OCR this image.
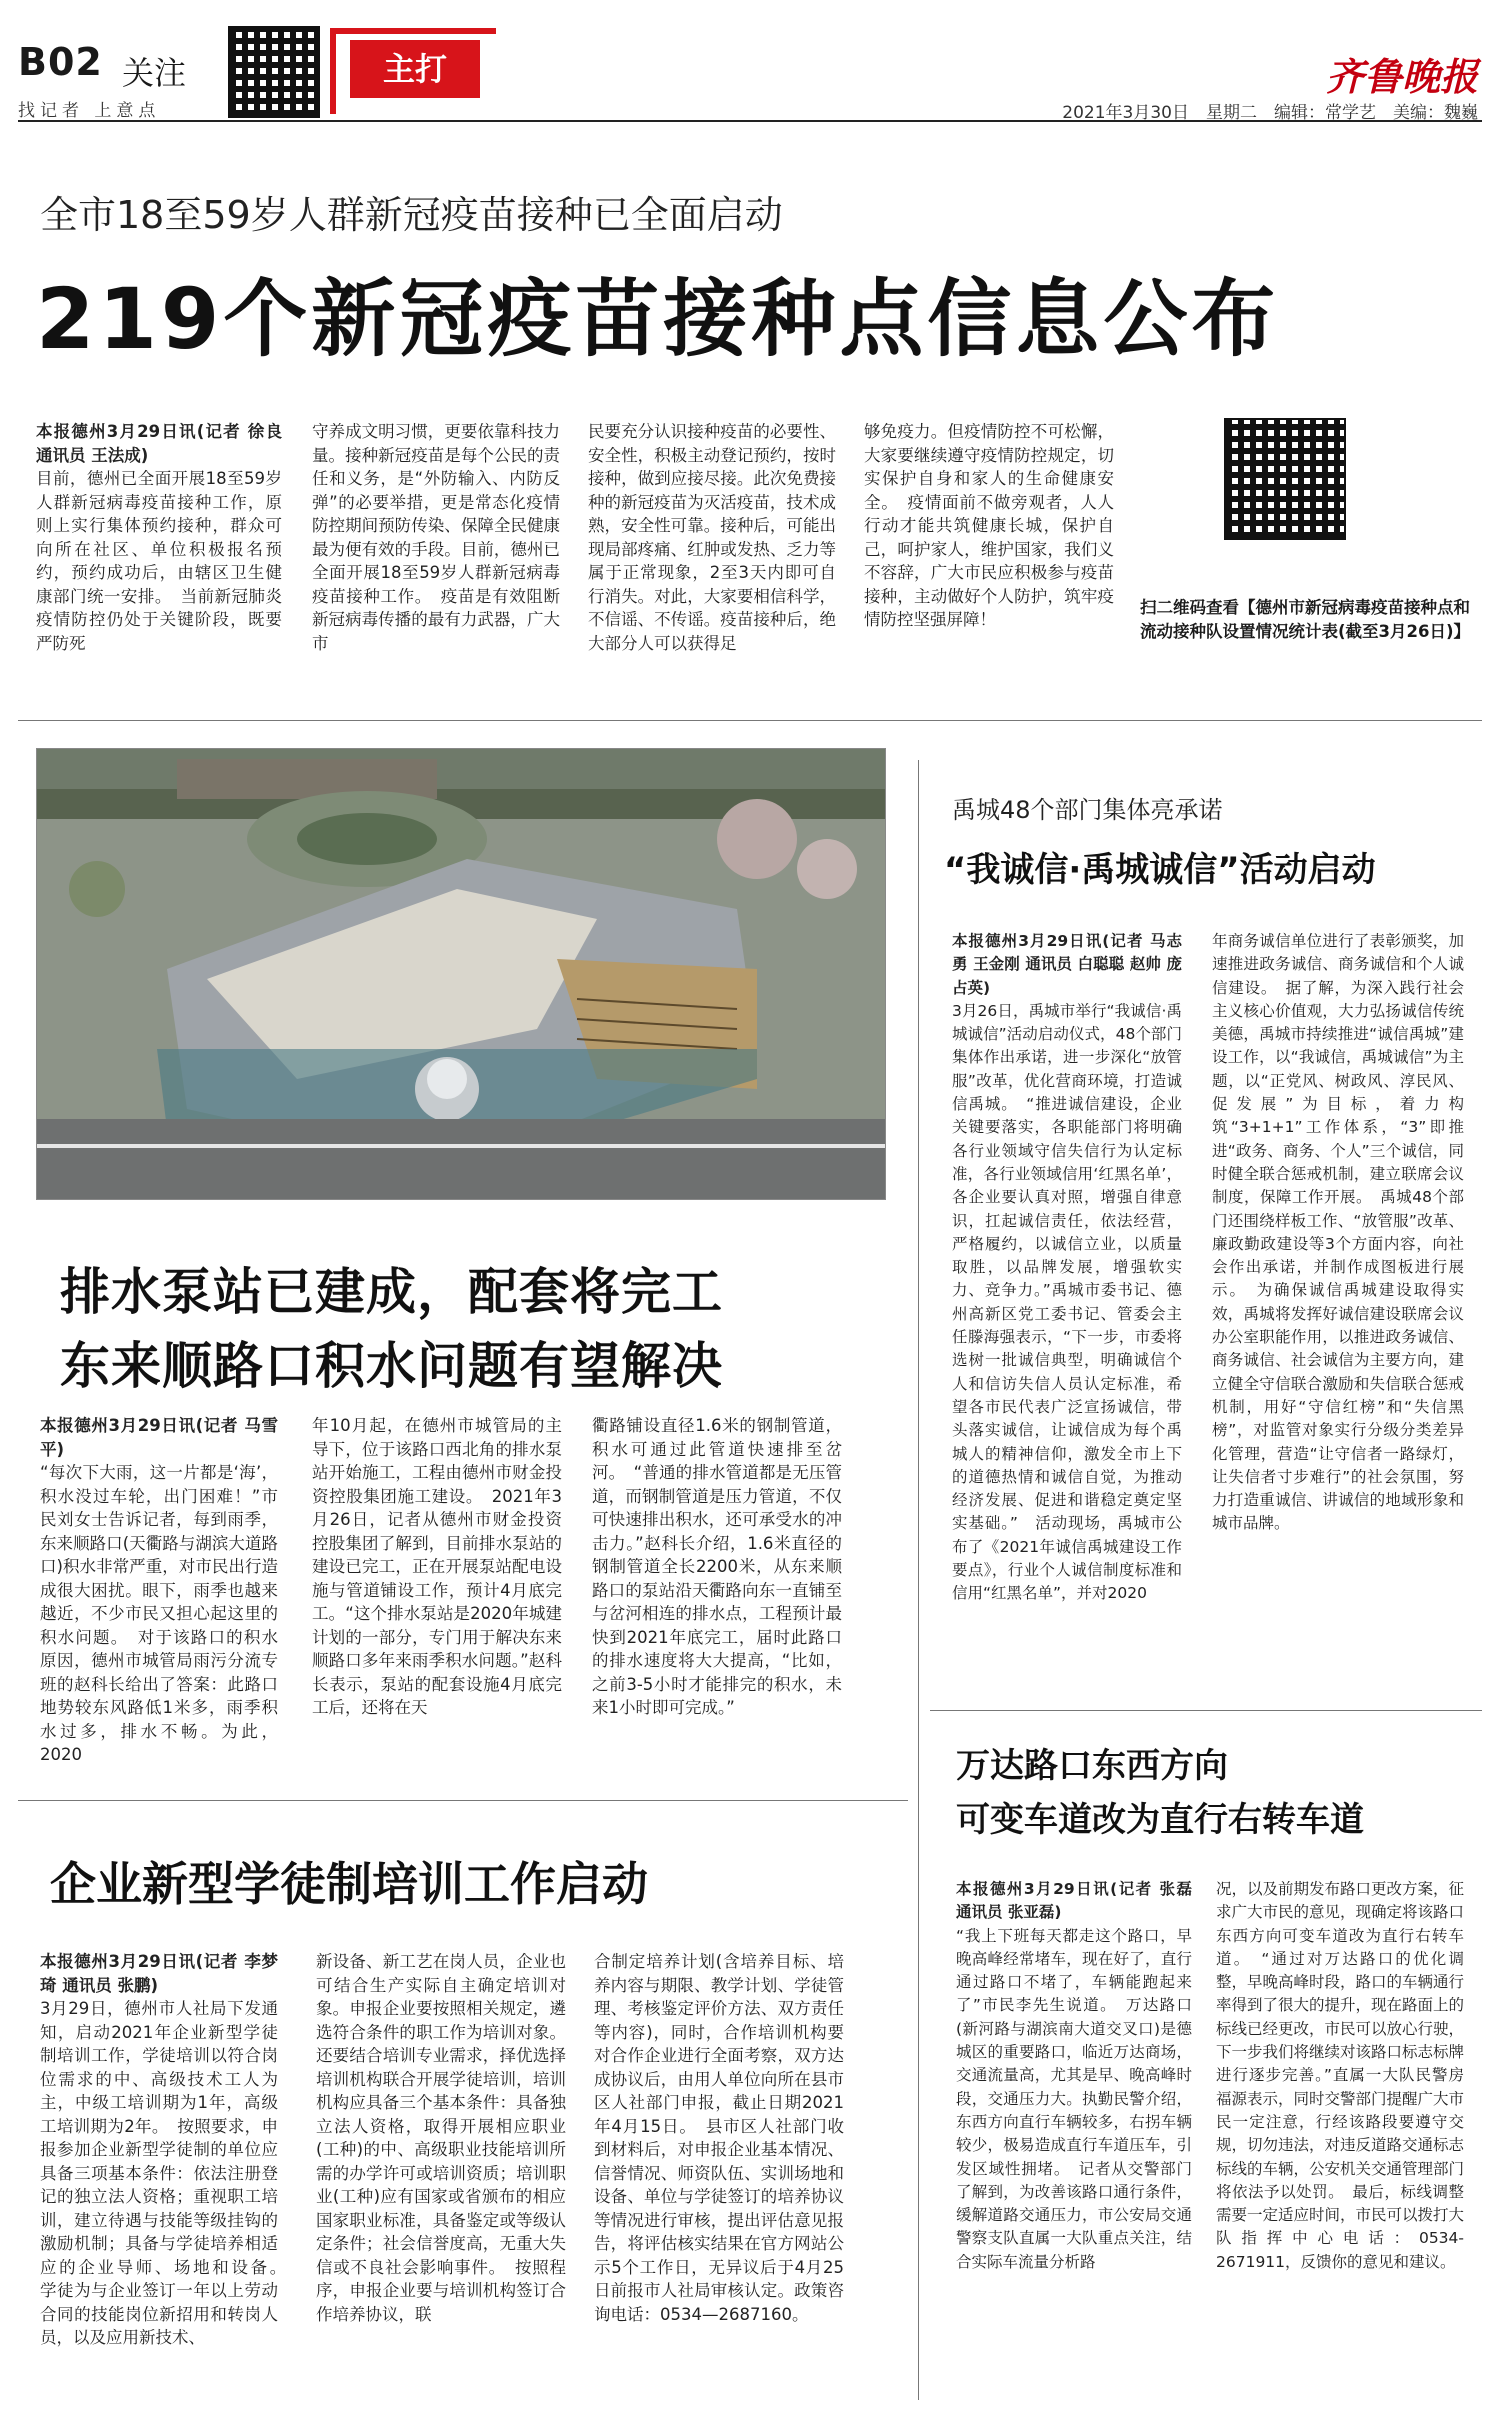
B02 关注
找记者 上意点
主打	齐鲁晚报
2021年3月30日　星期二　编辑：常学艺　美编：魏巍
全市18至59岁人群新冠疫苗接种已全面启动
219个新冠疫苗接种点信息公布
本报德州3月29日讯(记者 徐良 通讯员 王法成)

目前，德州已全面开展18至59岁人群新冠病毒疫苗接种工作，原则上实行集体预约接种，群众可向所在社区、单位积极报名预约，预约成功后，由辖区卫生健康部门统一安排。　当前新冠肺炎疫情防控仍处于关键阶段，既要严防死

守养成文明习惯，更要依靠科技力量。接种新冠疫苗是每个公民的责任和义务，是“外防输入、内防反弹”的必要举措，更是常态化疫情防控期间预防传染、保障全民健康最为便有效的手段。目前，德州已全面开展18至59岁人群新冠病毒疫苗接种工作。　疫苗是有效阻断新冠病毒传播的最有力武器，广大市

民要充分认识接种疫苗的必要性、安全性，积极主动登记预约，按时接种，做到应接尽接。此次免费接种的新冠疫苗为灭活疫苗，技术成熟，安全性可靠。接种后，可能出现局部疼痛、红肿或发热、乏力等属于正常现象，2至3天内即可自行消失。对此，大家要相信科学，不信谣、不传谣。疫苗接种后，绝大部分人可以获得足

够免疫力。但疫情防控不可松懈，大家要继续遵守疫情防控规定，切实保护自身和家人的生命健康安全。　疫情面前不做旁观者，人人行动才能共筑健康长城，保护自己，呵护家人，维护国家，我们义不容辞，广大市民应积极参与疫苗接种，主动做好个人防护，筑牢疫情防控坚强屏障！

扫二维码查看【德州市新冠病毒疫苗接种点和流动接种队设置情况统计表(截至3月26日)】
禹城48个部门集体亮承诺
“我诚信·禹城诚信”活动启动
本报德州3月29日讯(记者 马志勇 王金刚 通讯员 白聪聪 赵帅 庞占英)

3月26日，禹城市举行“我诚信·禹城诚信”活动启动仪式，48个部门集体作出承诺，进一步深化“放管服”改革，优化营商环境，打造诚信禹城。　“推进诚信建设，企业关键要落实，各职能部门将明确各行业领域守信失信行为认定标准，各行业领域信用‘红黑名单’，各企业要认真对照，增强自律意识，扛起诚信责任，依法经营，严格履约，以诚信立业，以质量取胜，以品牌发展，增强软实力、竞争力。”禹城市委书记、德州高新区党工委书记、管委会主任滕海强表示，“下一步，市委将选树一批诚信典型，明确诚信个人和信访失信人员认定标准，希望各市民代表广泛宣扬诚信，带头落实诚信，让诚信成为每个禹城人的精神信仰，激发全市上下的道德热情和诚信自觉，为推动经济发展、促进和谐稳定奠定坚实基础。”　活动现场，禹城市公布了《2021年诚信禹城建设工作要点》，行业个人诚信制度标准和信用“红黑名单”，并对2020

年商务诚信单位进行了表彰颁奖，加速推进政务诚信、商务诚信和个人诚信建设。　据了解，为深入践行社会主义核心价值观，大力弘扬诚信传统美德，禹城市持续推进“诚信禹城”建设工作，以“我诚信，禹城诚信”为主题，以“正党风、树政风、淳民风、促发展”为目标，着力构筑“3+1+1”工作体系，“3”即推进“政务、商务、个人”三个诚信，同时健全联合惩戒机制，建立联席会议制度，保障工作开展。　禹城48个部门还围绕样板工作、“放管服”改革、廉政勤政建设等3个方面内容，向社会作出承诺，并制作成图板进行展示。　为确保诚信禹城建设取得实效，禹城将发挥好诚信建设联席会议办公室职能作用，以推进政务诚信、商务诚信、社会诚信为主要方向，建立健全守信联合激励和失信联合惩戒机制，用好“守信红榜”和“失信黑榜”，对监管对象实行分级分类差异化管理，营造“让守信者一路绿灯，让失信者寸步难行”的社会氛围，努力打造重诚信、讲诚信的地域形象和城市品牌。

排水泵站已建成，配套将完工
东来顺路口积水问题有望解决
本报德州3月29日讯(记者 马雪平)

“每次下大雨，这一片都是‘海’，积水没过车轮，出门困难！”市民刘女士告诉记者，每到雨季，东来顺路口(天衢路与湖滨大道路口)积水非常严重，对市民出行造成很大困扰。眼下，雨季也越来越近，不少市民又担心起这里的积水问题。　对于该路口的积水原因，德州市城管局雨污分流专班的赵科长给出了答案：此路口地势较东风路低1米多，雨季积水过多，排水不畅。为此，2020

年10月起，在德州市城管局的主导下，位于该路口西北角的排水泵站开始施工，工程由德州市财金投资控股集团施工建设。　2021年3月26日，记者从德州市财金投资控股集团了解到，目前排水泵站的建设已完工，正在开展泵站配电设施与管道铺设工作，预计4月底完工。“这个排水泵站是2020年城建计划的一部分，专门用于解决东来顺路口多年来雨季积水问题。”赵科长表示，泵站的配套设施4月底完工后，还将在天

衢路铺设直径1.6米的钢制管道，积水可通过此管道快速排至岔河。　“普通的排水管道都是无压管道，而钢制管道是压力管道，不仅可快速排出积水，还可承受水的冲击力。”赵科长介绍，1.6米直径的钢制管道全长2200米，从东来顺路口的泵站沿天衢路向东一直铺至与岔河相连的排水点，工程预计最快到2021年底完工，届时此路口的排水速度将大大提高，“比如，之前3-5小时才能排完的积水，未来1小时即可完成。”

万达路口东西方向
可变车道改为直行右转车道
本报德州3月29日讯(记者 张磊 通讯员 张亚磊)

“我上下班每天都走这个路口，早晚高峰经常堵车，现在好了，直行通过路口不堵了，车辆能跑起来了”市民李先生说道。　万达路口(新河路与湖滨南大道交叉口)是德城区的重要路口，临近万达商场，交通流量高，尤其是早、晚高峰时段，交通压力大。执勤民警介绍，东西方向直行车辆较多，右拐车辆较少，极易造成直行车道压车，引发区域性拥堵。　记者从交警部门了解到，为改善该路口通行条件，缓解道路交通压力，市公安局交通警察支队直属一大队重点关注，结合实际车流量分析路

况，以及前期发布路口更改方案，征求广大市民的意见，现确定将该路口东西方向可变车道改为直行右转车道。　“通过对万达路口的优化调整，早晚高峰时段，路口的车辆通行率得到了很大的提升，现在路面上的标线已经更改，市民可以放心行驶，下一步我们将继续对该路口标志标牌进行逐步完善。”直属一大队民警房福源表示，同时交警部门提醒广大市民一定注意，行经该路段要遵守交规，切勿违法，对违反道路交通标志标线的车辆，公安机关交通管理部门将依法予以处罚。　最后，标线调整需要一定适应时间，市民可以拨打大队指挥中心电话：0534-2671911，反馈你的意见和建议。

企业新型学徒制培训工作启动
本报德州3月29日讯(记者 李梦琦 通讯员 张鹏)

3月29日，德州市人社局下发通知，启动2021年企业新型学徒制培训工作，学徒培训以符合岗位需求的中、高级技术工人为主，中级工培训期为1年，高级工培训期为2年。　按照要求，申报参加企业新型学徒制的单位应具备三项基本条件：依法注册登记的独立法人资格；重视职工培训，建立待遇与技能等级挂钩的激励机制；具备与学徒培养相适应的企业导师、场地和设备。　学徒为与企业签订一年以上劳动合同的技能岗位新招用和转岗人员，以及应用新技术、

新设备、新工艺在岗人员，企业也可结合生产实际自主确定培训对象。申报企业要按照相关规定，遴选符合条件的职工作为培训对象。还要结合培训专业需求，择优选择培训机构联合开展学徒培训，培训机构应具备三个基本条件：具备独立法人资格，取得开展相应职业(工种)的中、高级职业技能培训所需的办学许可或培训资质；培训职业(工种)应有国家或省颁布的相应国家职业标准，具备鉴定或等级认定条件；社会信誉度高，无重大失信或不良社会影响事件。　按照程序，申报企业要与培训机构签订合作培养协议，联

合制定培养计划(含培养目标、培养内容与期限、教学计划、学徒管理、考核鉴定评价方法、双方责任等内容)，同时，合作培训机构要对合作企业进行全面考察，双方达成协议后，由用人单位向所在县市区人社部门申报，截止日期2021年4月15日。　县市区人社部门收到材料后，对申报企业基本情况、信誉情况、师资队伍、实训场地和设备、单位与学徒签订的培养协议等情况进行审核，提出评估意见报告，将评估核实结果在官方网站公示5个工作日，无异议后于4月25日前报市人社局审核认定。政策咨询电话：0534—2687160。
